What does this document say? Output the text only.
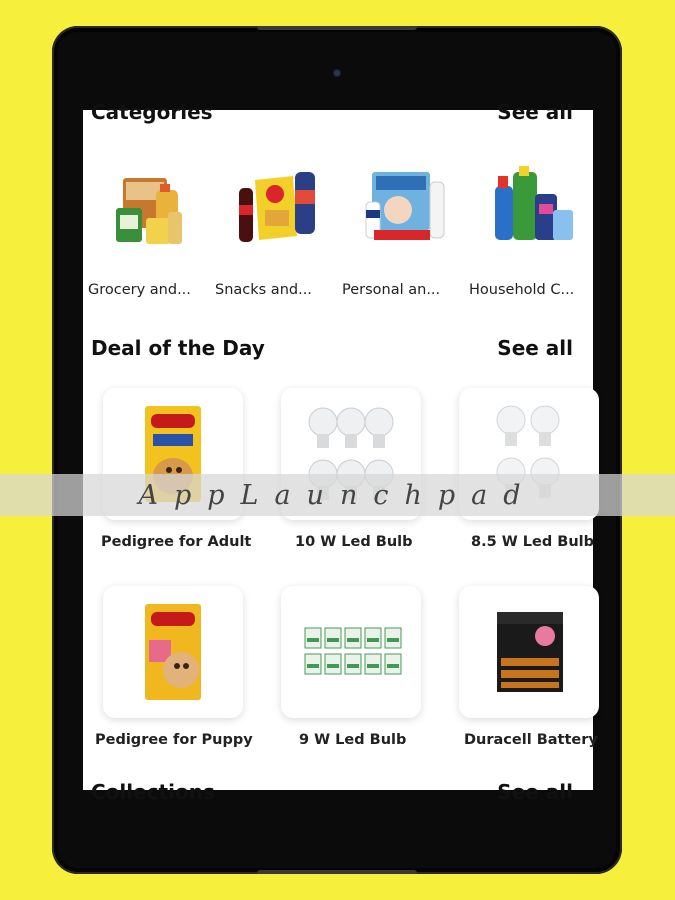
Categories	See all
Grocery and...	Snacks and...	Personal an...	Household C...
Deal of the Day	See all
Pedigree for Adult	10 W Led Bulb	8.5 W Led Bulb
Pedigree for Puppy	9 W Led Bulb	Duracell Battery
Collections	See all
AppLaunchpad
